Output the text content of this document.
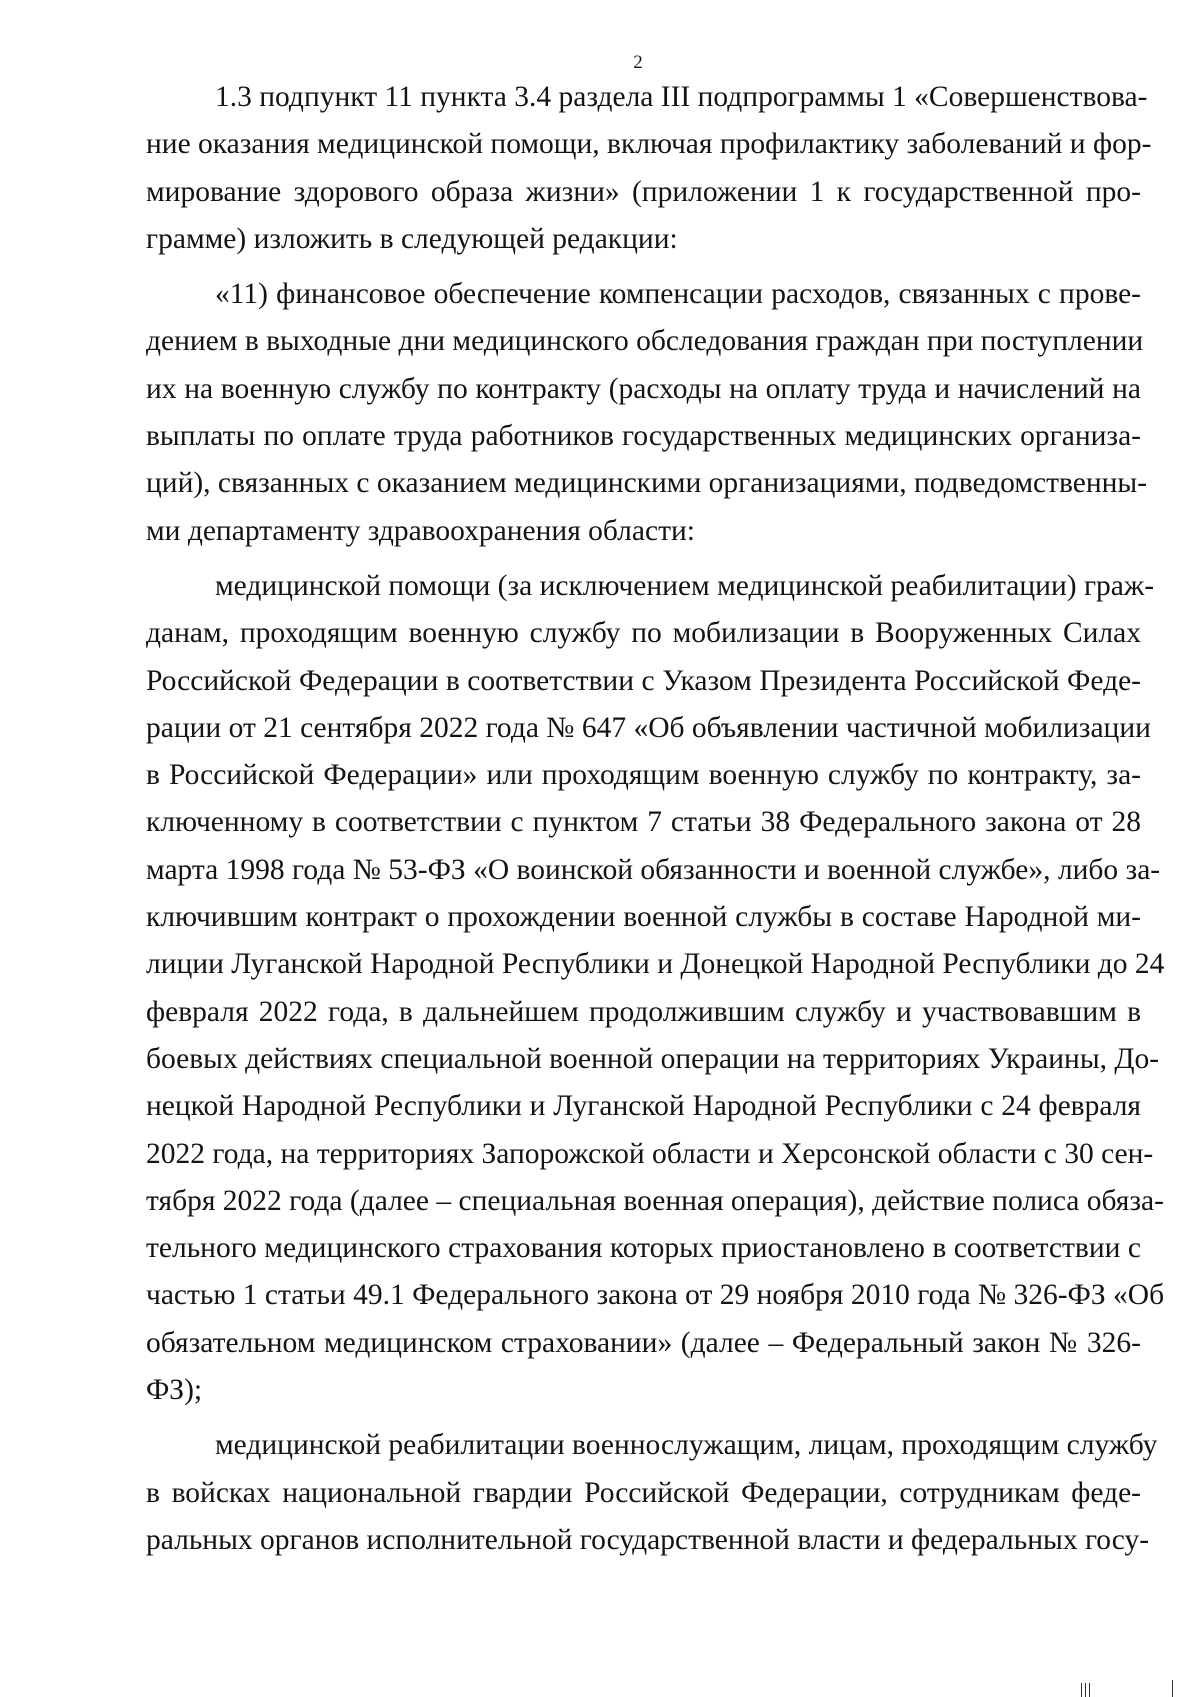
2
1.3 подпункт 11 пункта 3.4 раздела III подпрограммы 1 «Совершенствова-
ние оказания медицинской помощи, включая профилактику заболеваний и фор-
мирование здорового образа жизни» (приложении 1 к государственной про-
грамме) изложить в следующей редакции:
«11) финансовое обеспечение компенсации расходов, связанных с прове-
дением в выходные дни медицинского обследования граждан при поступлении
их на военную службу по контракту (расходы на оплату труда и начислений на
выплаты по оплате труда работников государственных медицинских организа-
ций), связанных с оказанием медицинскими организациями, подведомственны-
ми департаменту здравоохранения области:
медицинской помощи (за исключением медицинской реабилитации) граж-
данам, проходящим военную службу по мобилизации в Вооруженных Силах
Российской Федерации в соответствии с Указом Президента Российской Феде-
рации от 21 сентября 2022 года № 647 «Об объявлении частичной мобилизации
в Российской Федерации» или проходящим военную службу по контракту, за-
ключенному в соответствии с пунктом 7 статьи 38 Федерального закона от 28
марта 1998 года № 53-ФЗ «О воинской обязанности и военной службе», либо за-
ключившим контракт о прохождении военной службы в составе Народной ми-
лиции Луганской Народной Республики и Донецкой Народной Республики до 24
февраля 2022 года, в дальнейшем продолжившим службу и участвовавшим в
боевых действиях специальной военной операции на территориях Украины, До-
нецкой Народной Республики и Луганской Народной Республики с 24 февраля
2022 года, на территориях Запорожской области и Херсонской области с 30 сен-
тября 2022 года (далее – специальная военная операция), действие полиса обяза-
тельного медицинского страхования которых приостановлено в соответствии с
частью 1 статьи 49.1 Федерального закона от 29 ноября 2010 года № 326-ФЗ «Об
обязательном медицинском страховании» (далее – Федеральный закон № 326-
ФЗ);
медицинской реабилитации военнослужащим, лицам, проходящим службу
в войсках национальной гвардии Российской Федерации, сотрудникам феде-
ральных органов исполнительной государственной власти и федеральных госу-
